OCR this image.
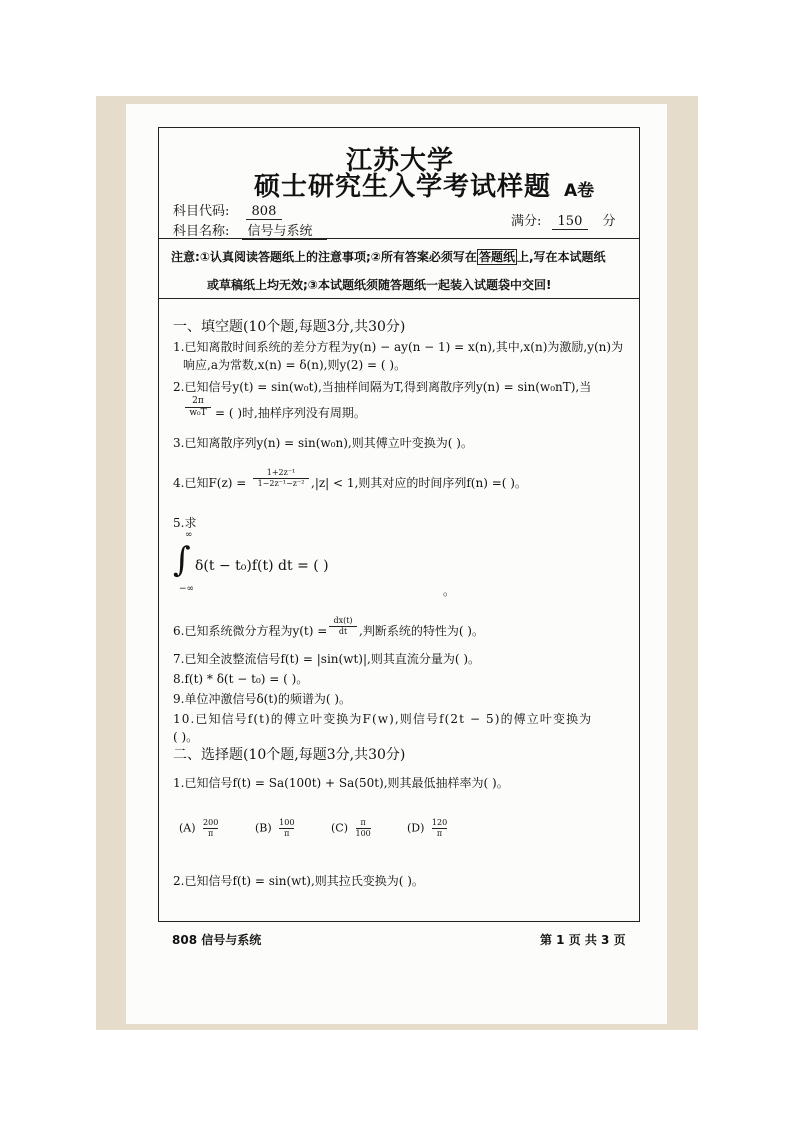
江苏大学
硕士研究生入学考试样题 A卷
科目代码: 808
科目名称: 信号与系统
满分: 150 分
注意:①认真阅读答题纸上的注意事项;②所有答案必须写在 答题纸 上,写在本试题纸
或草稿纸上均无效;③本试题纸须随答题纸一起装入试题袋中交回!
一、填空题(10个题,每题3分,共30分)
1.已知离散时间系统的差分方程为y(n) − ay(n − 1) = x(n),其中,x(n)为激励,y(n)为
响应,a为常数,x(n) = δ(n),则y(2) = ( )。
2.已知信号y(t) = sin(w₀t),当抽样间隔为T,得到离散序列y(n) = sin(w₀nT),当
$\frac{2\pi}{\text{w₀T}}$ = ( )时,抽样序列没有周期。
3.已知离散序列y(n) = sin(w₀n),则其傅立叶变换为( )。
4.已知$F(z) = \frac{\text{1+2z⁻¹}}{\text{1−2z⁻¹−z⁻²}} ,|z| < 1$,则其对应的时间序列f(n) =( )。
5.求
∫
∞
−∞
δ(t − t₀)f(t) dt = ( )
。
6.已知系统微分方程为$y(t) = \frac{dx(t)}{dt}$ ,判断系统的特性为( )。
7.已知全波整流信号f(t) = |sin(wt)|,则其直流分量为( )。
8.f(t) * δ(t − t₀) = ( )。
9.单位冲激信号δ(t)的频谱为( )。
10.已知信号f(t)的傅立叶变换为F(w),则信号f(2t − 5)的傅立叶变换为
( )。
二、选择题(10个题,每题3分,共30分)
1.已知信号f(t) = Sa(100t) + Sa(50t),则其最低抽样率为( )。
$(A) \frac{200}{\pi}$	$(B) \frac{100}{\pi}$	$(C) \frac{\pi}{100}$	$(D) \frac{120}{\pi}$
2.已知信号f(t) = sin(wt),则其拉氏变换为( )。
808 信号与系统	第 1 页 共 3 页
